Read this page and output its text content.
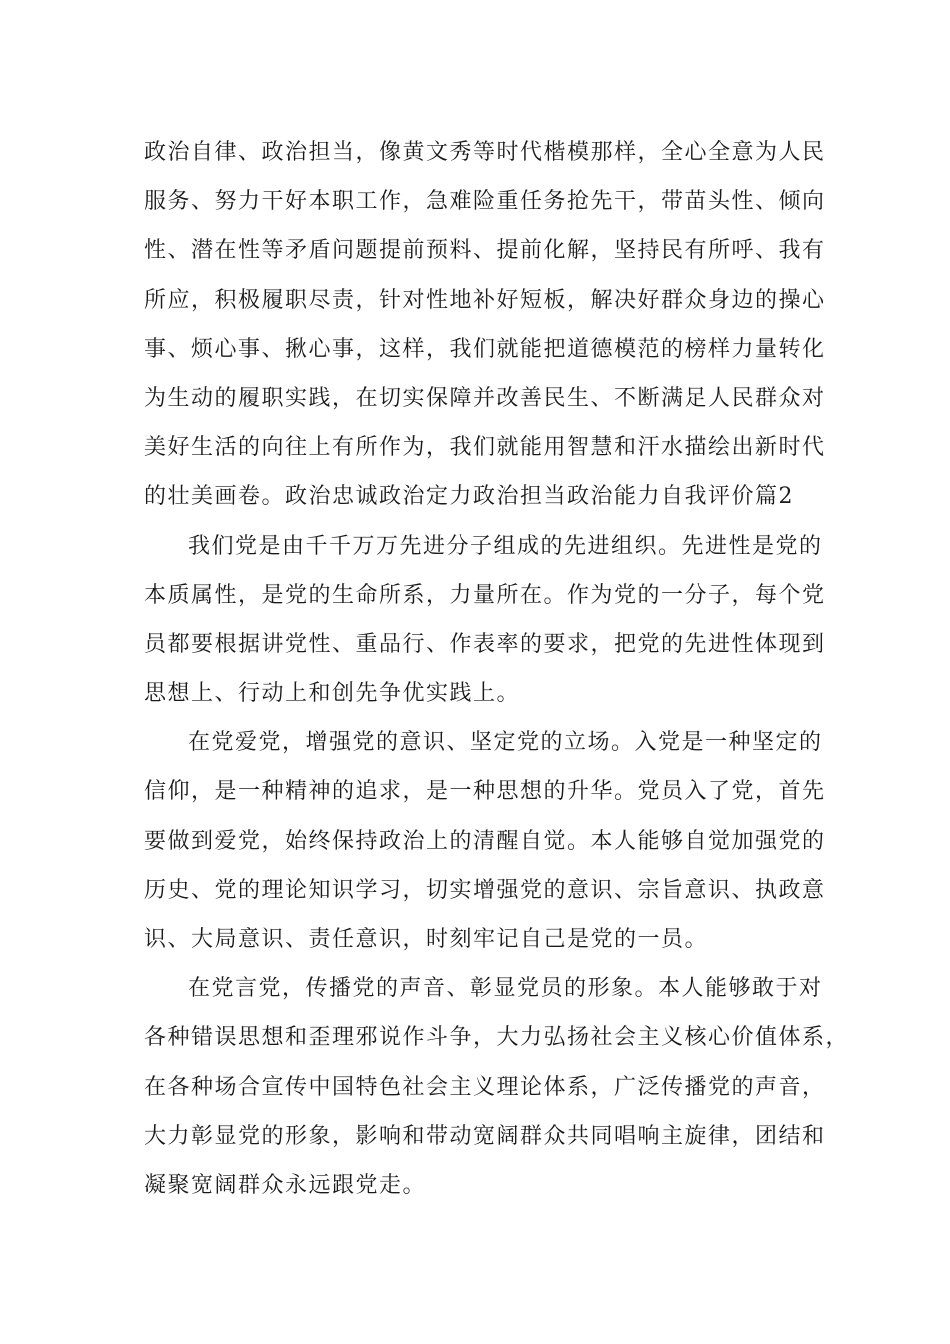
政治自律、政治担当，像黄文秀等时代楷模那样，全心全意为人民
服务、努力干好本职工作，急难险重任务抢先干，带苗头性、倾向
性、潜在性等矛盾问题提前预料、提前化解，坚持民有所呼、我有
所应，积极履职尽责，针对性地补好短板，解决好群众身边的操心
事、烦心事、揪心事，这样，我们就能把道德模范的榜样力量转化
为生动的履职实践，在切实保障并改善民生、不断满足人民群众对
美好生活的向往上有所作为，我们就能用智慧和汗水描绘出新时代
的壮美画卷。政治忠诚政治定力政治担当政治能力自我评价篇2
我们党是由千千万万先进分子组成的先进组织。先进性是党的
本质属性，是党的生命所系，力量所在。作为党的一分子，每个党
员都要根据讲党性、重品行、作表率的要求，把党的先进性体现到
思想上、行动上和创先争优实践上。
在党爱党，增强党的意识、坚定党的立场。入党是一种坚定的
信仰，是一种精神的追求，是一种思想的升华。党员入了党，首先
要做到爱党，始终保持政治上的清醒自觉。本人能够自觉加强党的
历史、党的理论知识学习，切实增强党的意识、宗旨意识、执政意
识、大局意识、责任意识，时刻牢记自己是党的一员。
在党言党，传播党的声音、彰显党员的形象。本人能够敢于对
各种错误思想和歪理邪说作斗争，大力弘扬社会主义核心价值体系，
在各种场合宣传中国特色社会主义理论体系，广泛传播党的声音，
大力彰显党的形象，影响和带动宽阔群众共同唱响主旋律，团结和
凝聚宽阔群众永远跟党走。
